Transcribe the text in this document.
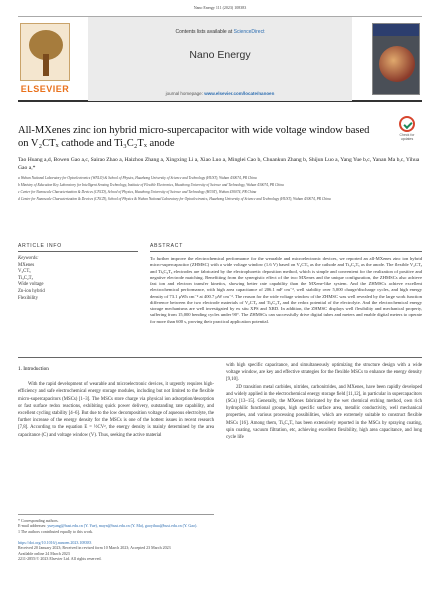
Nano Energy 111 (2023) 108383
ELSEVIER
Contents lists available at ScienceDirect
Nano Energy
journal homepage: www.elsevier.com/locate/nanoen
All-MXenes zinc ion hybrid micro-supercapacitor with wide voltage window based on V₂CTₓ cathode and Ti₃C₂Tₓ anode
Check for updates
Tao Huang a,d, Bowen Gao a,c, Sairao Zhao a, Haizhou Zhang a, Xingxing Li a, Xiao Luo a, Minglei Cao b, Chuankun Zhang b, Shijun Luo a, Yang Yue b,c, Yanan Ma b,c, Yihua Gao a,*

a Wuhan National Laboratory for Optoelectronics (WNLO) & School of Physics, Huazhong University of Science and Technology (HUST), Wuhan 430074, PR China

b Ministry of Education Key Laboratory for Intelligent Sensing Technology, Institute of Flexible Electronics, Huazhong University of Science and Technology, Wuhan 430074, PR China

c Center for Nanoscale Characterization & Devices (CNCD), School of Physics, Huazhong University of Science and Technology (HUST), Wuhan 430074, PR China

d Center for Nanoscale Characterization & Devices (CNCD), School of Physics & Wuhan National Laboratory for Optoelectronics, Huazhong University of Science and Technology (HUST), Wuhan 430074, PR China

ARTICLE INFO	ABSTRACT
Keywords:
MXenes
V₂CTₓ
Ti₃C₂Tₓ
Wide voltage
Zn-ion hybrid
Flexibility
To further improve the electrochemical performance for the wearable and microelectronic devices, we reported an all-MXenes zinc ion hybrid micro-supercapacitor (ZHMSC) with a wide voltage window (1.6 V) based on V₂CTₓ as the cathode and Ti₃C₂Tₓ as the anode. The flexible V₂CTₓ and Ti₃C₂Tₓ electrodes are fabricated by the electrophoretic deposition method, which is simple and convenient for the realization of positive and negative electrode matching. Benefitting from the synergistic effect of the two MXenes and the unique configuration, the ZHMSCs also achieve fast ion and electron transfer kinetics, showing better rate capability than the MXene-like system. And the ZHMSCs achieve excellent electrochemical performance, with high area capacitance of 206.1 mF cm⁻², well stability over 5,000 charge/discharge cycles, and high energy density of 73.1 μWh cm⁻² at 400.7 μW cm⁻². The reason for the wide voltage window of the ZHMSC was well revealed by the large work function difference between the two electrode materials of V₂CTₓ and Ti₃C₂Tₓ and the redox potential of the electrolyte. And the electrochemical energy storage mechanisms are well investigated by ex situ XPS and XRD. In addition, the ZHMSC displays well flexibility and mechanical property, suffering from 15,000 bending cycles under 90°. The ZHMSCs can successfully drive digital tubes and meters and enable digital meters to operate for more than 600 s, proving their practical application potential.
1. Introduction

With the rapid development of wearable and microelectronic devices, it urgently requires high-efficiency and safe electrochemical energy storage modules, including but not limited to the flexible micro-supercapacitors (MSCs) [1–3]. The MSCs store charge via physical ion adsorption/desorption or fast surface redox reactions, exhibiting quick power delivery, outstanding rate capability, and excellent cycling stability [4–6]. But due to the low decomposition voltage of aqueous electrolyte, the further increase of the energy density for the MSCs is one of the hottest issues in recent research [7,8]. According to the equation E = ½CV², the energy density is mainly determined by the area capacitance (C) and voltage window (V). Thus, seeking the active material

with high specific capacitance, and simultaneously optimizing the structure design with a wide voltage window, are key and effective strategies for the flexible MSCs to enhance the energy density [9,10].

2D transition metal carbides, nitrides, carbonitrides, and MXenes, have been rapidly developed and widely applied in the electrochemical energy storage field [11,12], in particular in supercapacitors (SCs) [13–15]. Generally, the MXenes fabricated by the wet chemical etching method, own rich hydrophilic functional groups, high specific surface area, metallic conductivity, well mechanical properties, and various processing possibilities, which are extremely suitable to construct flexible MSCs [16]. Among them, Ti₃C₂Tₓ has been extensively reported in the MSCs by spraying coating, spin coating, vacuum filtration, etc, achieving excellent flexibility, high area capacitance, and long cycle life

* Corresponding authors.
E-mail addresses: yueyang@hust.edu.cn (Y. Yue), mayn@hust.edu.cn (Y. Ma), gaoyihua@hust.edu.cn (Y. Gao).
1 The authors contributed equally to this work.
https://doi.org/10.1016/j.nanoen.2023.108383
Received 20 January 2023; Received in revised form 10 March 2023; Accepted 23 March 2023
Available online 24 March 2023
2211-2855/© 2023 Elsevier Ltd. All rights reserved.
